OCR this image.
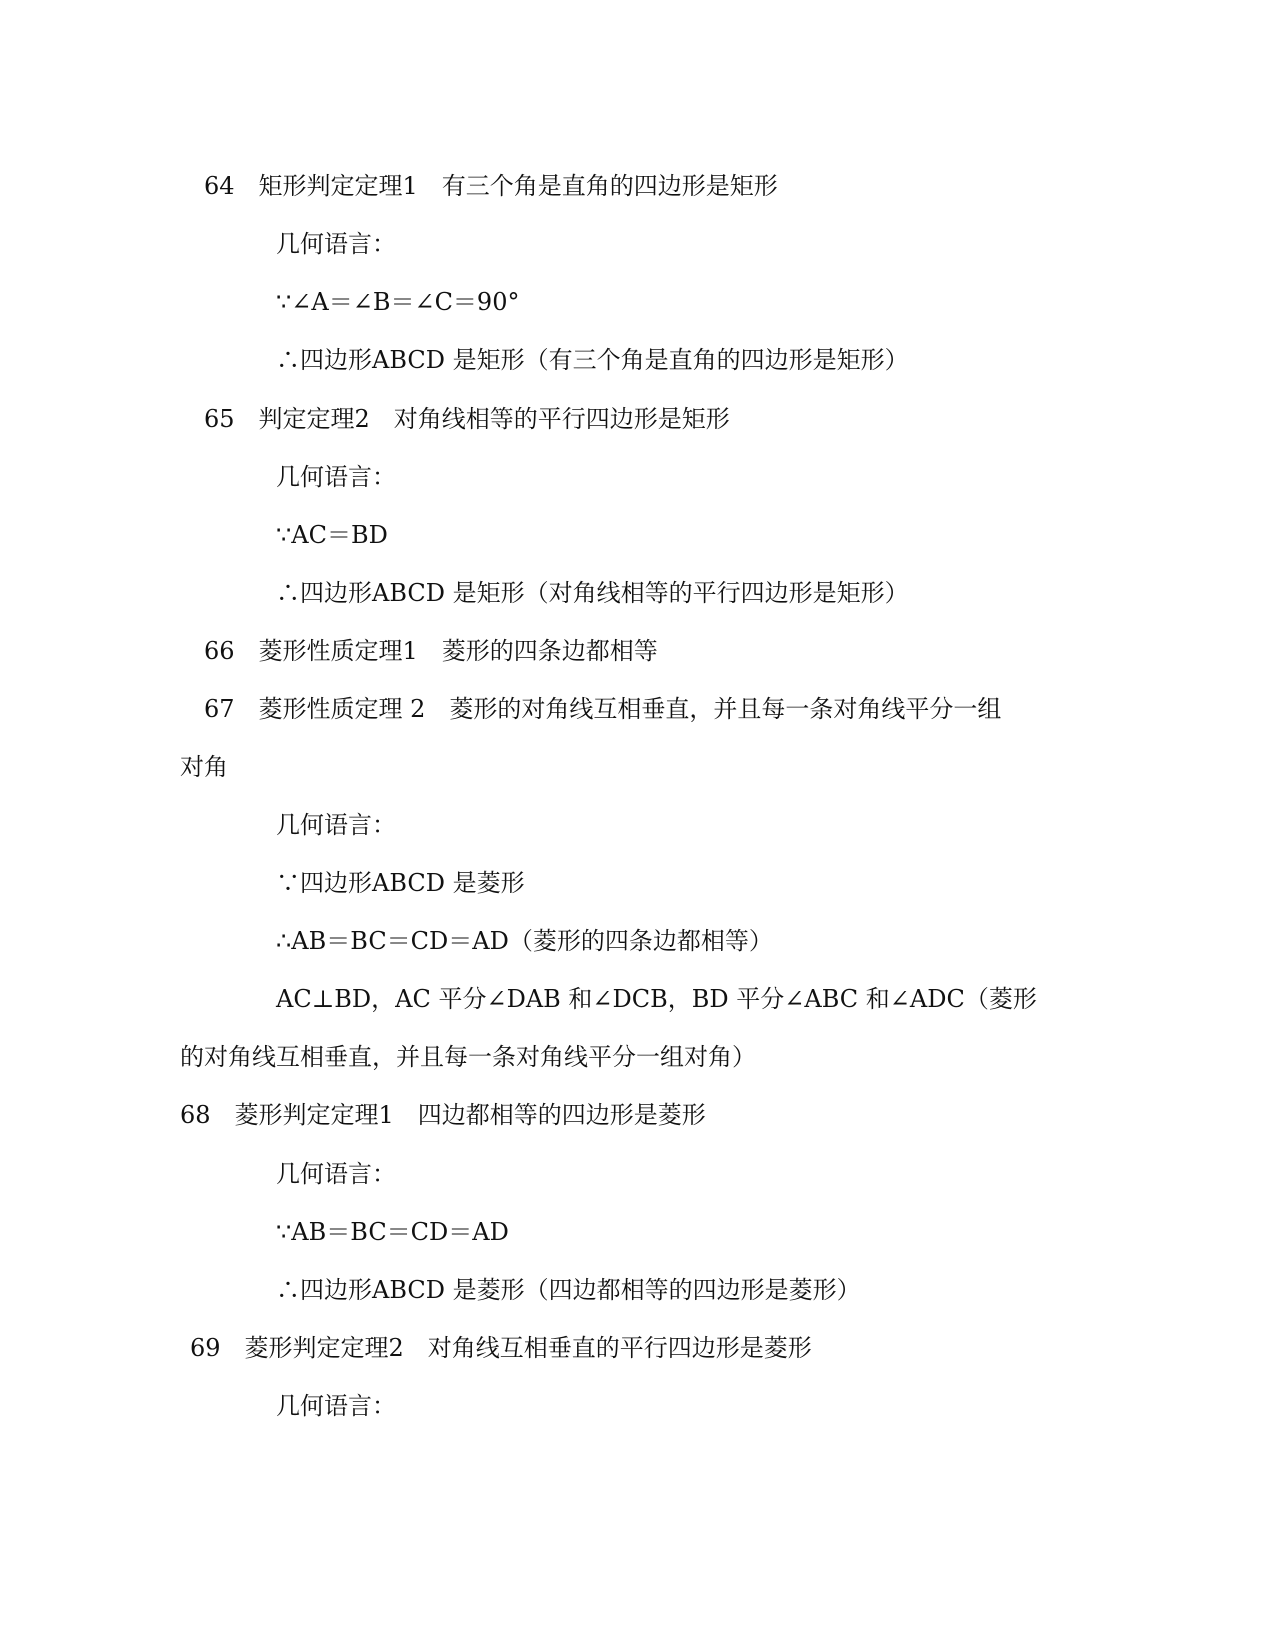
64　矩形判定定理1　有三个角是直角的四边形是矩形
几何语言：
∵∠A＝∠B＝∠C＝90°
∴四边形ABCD 是矩形（有三个角是直角的四边形是矩形）
65　判定定理2　对角线相等的平行四边形是矩形
几何语言：
∵AC＝BD
∴四边形ABCD 是矩形（对角线相等的平行四边形是矩形）
66　菱形性质定理1　菱形的四条边都相等
67　菱形性质定理 2　菱形的对角线互相垂直，并且每一条对角线平分一组
对角
几何语言：
∵四边形ABCD 是菱形
∴AB＝BC＝CD＝AD（菱形的四条边都相等）
AC⊥BD，AC 平分∠DAB 和∠DCB，BD 平分∠ABC 和∠ADC（菱形
的对角线互相垂直，并且每一条对角线平分一组对角）
68　菱形判定定理1　四边都相等的四边形是菱形
几何语言：
∵AB＝BC＝CD＝AD
∴四边形ABCD 是菱形（四边都相等的四边形是菱形）
69　菱形判定定理2　对角线互相垂直的平行四边形是菱形
几何语言：
